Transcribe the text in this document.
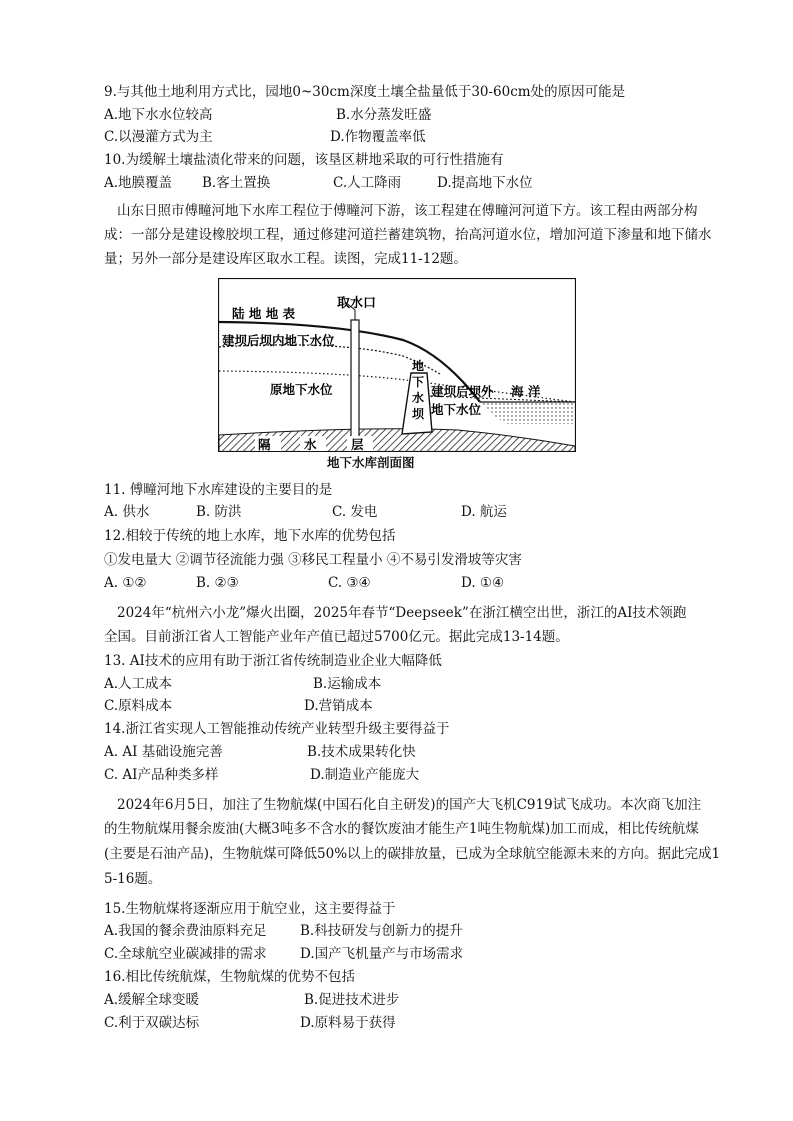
9.与其他土地利用方式比，园地0~30cm深度土壤全盐量低于30-60cm处的原因可能是
A.地下水水位较高	B.水分蒸发旺盛
C.以漫灌方式为主	D.作物覆盖率低
10.为缓解土壤盐渍化带来的问题，该垦区耕地采取的可行性措施有
A.地膜覆盖 B.客土置换	C.人工降雨	D.提高地下水位
山东日照市傅疃河地下水库工程位于傅疃河下游，该工程建在傅疃河河道下方。该工程由两部分构
成：一部分是建设橡胶坝工程，通过修建河道拦蓄建筑物，抬高河道水位，增加河道下渗量和地下储水
量；另外一部分是建设库区取水工程。读图，完成11-12题。
取水口
陆 地 地 表
建坝后坝内地下水位
原地下水位
地
下
水
坝
建坝后坝外
地下水位
海 洋
隔	水	层
地下水库剖面图
11. 傅疃河地下水库建设的主要目的是
A. 供水	B. 防洪	C. 发电	D. 航运
12.相较于传统的地上水库，地下水库的优势包括
①发电量大 ②调节径流能力强 ③移民工程量小 ④不易引发滑坡等灾害
A. ①②	B. ②③	C. ③④	D. ①④
2024年“杭州六小龙”爆火出圈，2025年春节“Deepseek”在浙江横空出世，浙江的AI技术领跑
全国。目前浙江省人工智能产业年产值已超过5700亿元。据此完成13-14题。
13. AI技术的应用有助于浙江省传统制造业企业大幅降低
A.人工成本	B.运输成本
C.原料成本	D.营销成本
14.浙江省实现人工智能推动传统产业转型升级主要得益于
A. AI 基础设施完善	B.技术成果转化快
C. AI产品种类多样	D.制造业产能庞大
2024年6月5日，加注了生物航煤(中国石化自主研发)的国产大飞机C919试飞成功。本次商飞加注
的生物航煤用餐余废油(大概3吨多不含水的餐饮废油才能生产1吨生物航煤)加工而成，相比传统航煤
(主要是石油产品)，生物航煤可降低50%以上的碳排放量，已成为全球航空能源未来的方向。据此完成1
5-16题。
15.生物航煤将逐渐应用于航空业，这主要得益于
A.我国的餐余费油原料充足 B.科技研发与创新力的提升
C.全球航空业碳减排的需求 D.国产飞机量产与市场需求
16.相比传统航煤，生物航煤的优势不包括
A.缓解全球变暖	B.促进技术进步
C.利于双碳达标	D.原料易于获得
